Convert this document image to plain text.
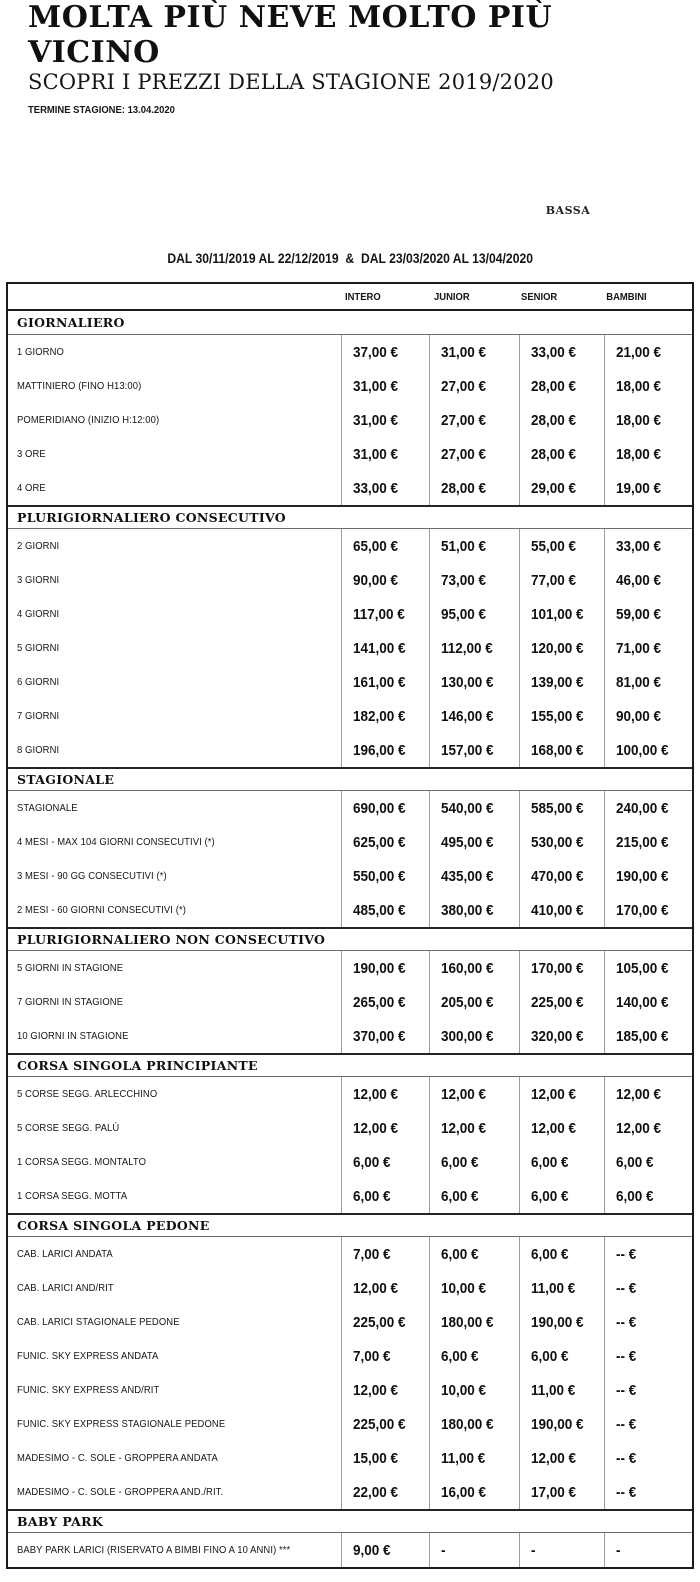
MOLTA PIÙ NEVE MOLTO PIÙ
VICINO
SCOPRI I PREZZI DELLA STAGIONE 2019/2020
TERMINE STAGIONE: 13.04.2020
BASSA
DAL 30/11/2019 AL 22/12/2019  &  DAL 23/03/2020 AL 13/04/2020
INTERO	JUNIOR	SENIOR	BAMBINI
GIORNALIERO
1 GIORNO	37,00 €	31,00 €	33,00 €	21,00 €
MATTINIERO (FINO H13:00)	31,00 €	27,00 €	28,00 €	18,00 €
POMERIDIANO (INIZIO H:12:00)	31,00 €	27,00 €	28,00 €	18,00 €
3 ORE	31,00 €	27,00 €	28,00 €	18,00 €
4 ORE	33,00 €	28,00 €	29,00 €	19,00 €
PLURIGIORNALIERO CONSECUTIVO
2 GIORNI	65,00 €	51,00 €	55,00 €	33,00 €
3 GIORNI	90,00 €	73,00 €	77,00 €	46,00 €
4 GIORNI	117,00 € 95,00 €	101,00 € 59,00 €
5 GIORNI	141,00 € 112,00 €	120,00 € 71,00 €
6 GIORNI	161,00 € 130,00 € 139,00 € 81,00 €
7 GIORNI	182,00 € 146,00 € 155,00 € 90,00 €
8 GIORNI	196,00 € 157,00 € 168,00 € 100,00 €
STAGIONALE
STAGIONALE	690,00 € 540,00 € 585,00 € 240,00 €
4 MESI - MAX 104 GIORNI CONSECUTIVI (*)	625,00 € 495,00 € 530,00 € 215,00 €
3 MESI - 90 GG CONSECUTIVI (*)	550,00 € 435,00 € 470,00 € 190,00 €
2 MESI - 60 GIORNI CONSECUTIVI (*)	485,00 € 380,00 € 410,00 € 170,00 €
PLURIGIORNALIERO NON CONSECUTIVO
5 GIORNI IN STAGIONE	190,00 € 160,00 € 170,00 € 105,00 €
7 GIORNI IN STAGIONE	265,00 € 205,00 € 225,00 € 140,00 €
10 GIORNI IN STAGIONE	370,00 € 300,00 € 320,00 € 185,00 €
CORSA SINGOLA PRINCIPIANTE
5 CORSE SEGG. ARLECCHINO	12,00 €	12,00 €	12,00 €	12,00 €
5 CORSE SEGG. PALÙ	12,00 €	12,00 €	12,00 €	12,00 €
1 CORSA SEGG. MONTALTO	6,00 €	6,00 €	6,00 €	6,00 €
1 CORSA SEGG. MOTTA	6,00 €	6,00 €	6,00 €	6,00 €
CORSA SINGOLA PEDONE
CAB. LARICI ANDATA	7,00 €	6,00 €	6,00 €	-- €
CAB. LARICI AND/RIT	12,00 €	10,00 €	11,00 €	-- €
CAB. LARICI STAGIONALE PEDONE	225,00 € 180,00 € 190,00 € -- €
FUNIC. SKY EXPRESS ANDATA	7,00 €	6,00 €	6,00 €	-- €
FUNIC. SKY EXPRESS AND/RIT	12,00 €	10,00 €	11,00 €	-- €
FUNIC. SKY EXPRESS STAGIONALE PEDONE	225,00 € 180,00 € 190,00 € -- €
MADESIMO - C. SOLE - GROPPERA ANDATA	15,00 €	11,00 €	12,00 €	-- €
MADESIMO - C. SOLE - GROPPERA AND./RIT.	22,00 €	16,00 €	17,00 €	-- €
BABY PARK
BABY PARK LARICI (RISERVATO A BIMBI FINO A 10 ANNI) ***	9,00 €	-	-	-
